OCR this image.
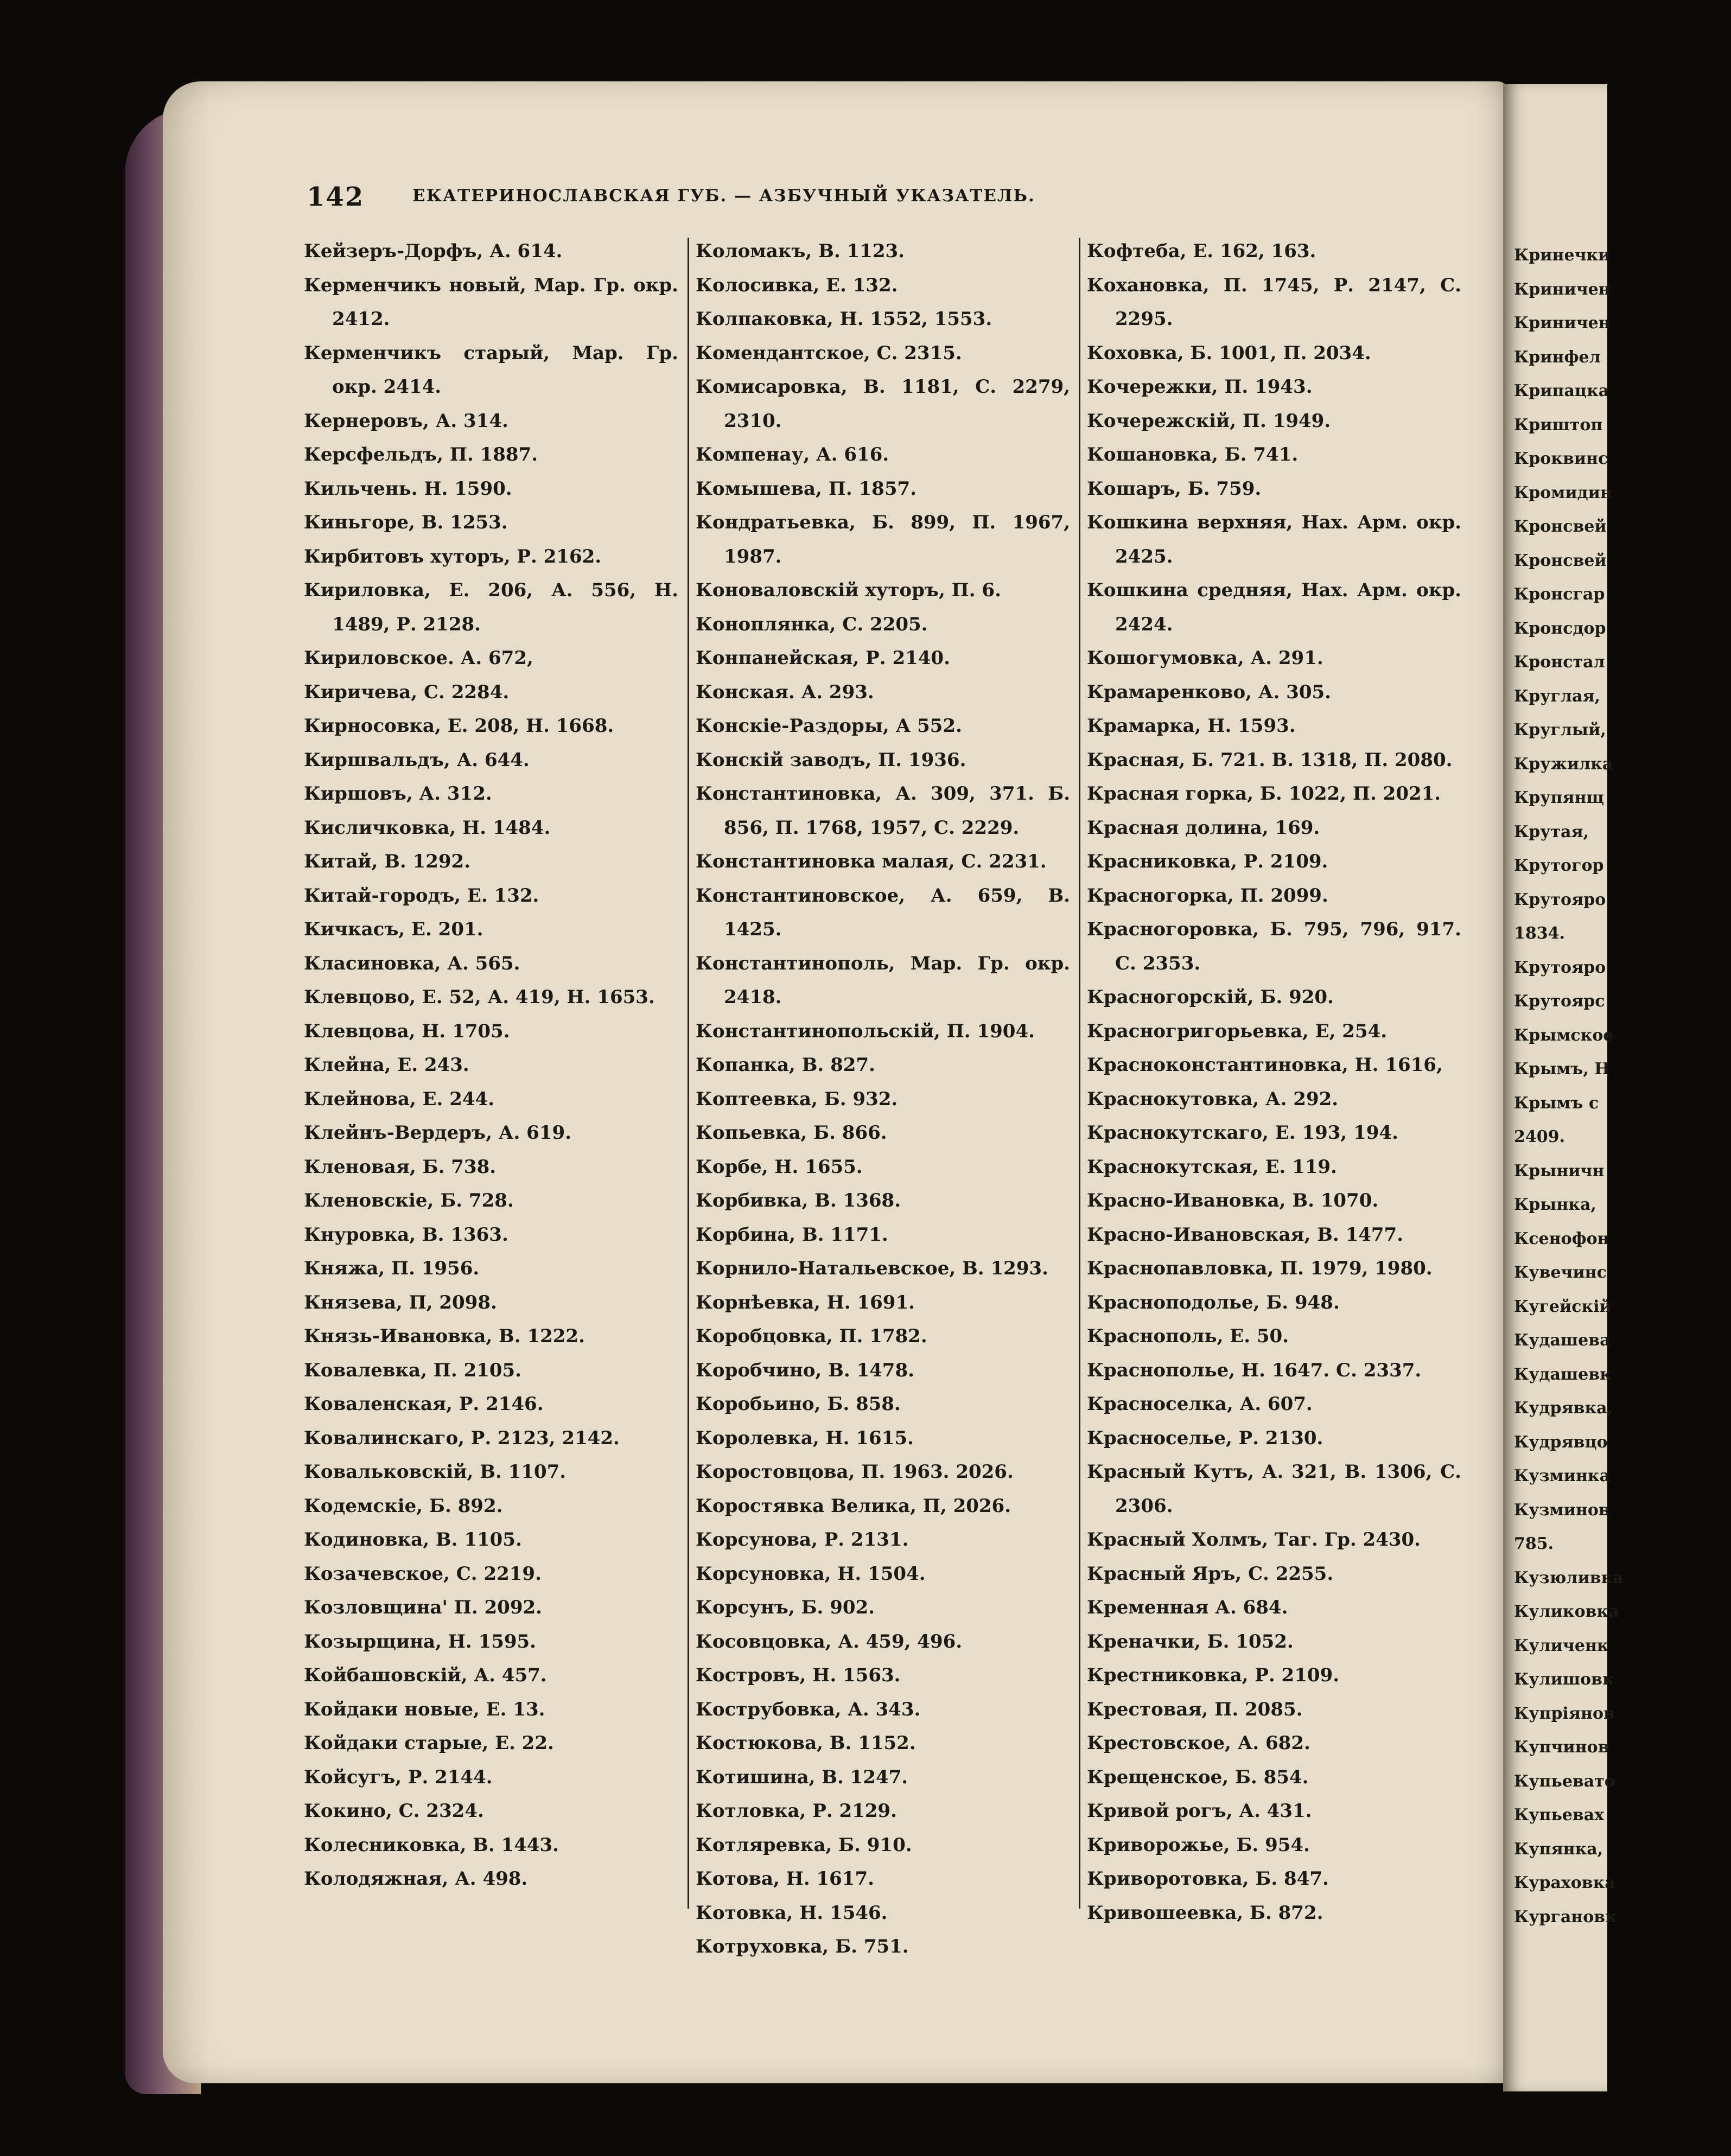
142	ЕКАТЕРИНОСЛАВСКАЯ ГУБ. — АЗБУЧНЫЙ УКАЗАТЕЛЬ.
Кейзеръ-Дорфъ, А. 614.
Керменчикъ новый, Мар. Гр. окр. 2412.
Керменчикъ старый, Мар. Гр. окр. 2414.
Кернеровъ, А. 314.
Керсфельдъ, П. 1887.
Кильчень. Н. 1590.
Киньгоре, В. 1253.
Кирбитовъ хуторъ, Р. 2162.
Кириловка, Е. 206, А. 556, Н. 1489, Р. 2128.
Кириловское. А. 672,
Киричева, С. 2284.
Кирносовка, Е. 208, Н. 1668.
Киршвальдъ, А. 644.
Киршовъ, А. 312.
Кисличковка, Н. 1484.
Китай, В. 1292.
Китай-городъ, Е. 132.
Кичкасъ, Е. 201.
Класиновка, А. 565.
Клевцово, Е. 52, А. 419, Н. 1653.
Клевцова, Н. 1705.
Клейна, Е. 243.
Клейнова, Е. 244.
Клейнъ-Вердеръ, А. 619.
Кленовая, Б. 738.
Кленовскіе, Б. 728.
Кнуровка, В. 1363.
Княжа, П. 1956.
Князева, П, 2098.
Князь-Ивановка, В. 1222.
Ковалевка, П. 2105.
Коваленская, Р. 2146.
Ковалинскаго, Р. 2123, 2142.
Ковальковскій, В. 1107.
Кодемскіе, Б. 892.
Кодиновка, В. 1105.
Козачевское, С. 2219.
Козловщина' П. 2092.
Козырщина, Н. 1595.
Койбашовскій, А. 457.
Койдаки новые, Е. 13.
Койдаки старые, Е. 22.
Койсугъ, Р. 2144.
Кокино, С. 2324.
Колесниковка, В. 1443.
Колодяжная, А. 498.
Коломакъ, В. 1123.
Колосивка, Е. 132.
Колпаковка, Н. 1552, 1553.
Комендантское, С. 2315.
Комисаровка, В. 1181, С. 2279, 2310.
Компенау, А. 616.
Комышева, П. 1857.
Кондратьевка, Б. 899, П. 1967, 1987.
Коноваловскій хуторъ, П. 6.
Коноплянка, С. 2205.
Конпанейская, Р. 2140.
Конская. А. 293.
Конскіе-Раздоры, А 552.
Конскій заводъ, П. 1936.
Константиновка, А. 309, 371. Б. 856, П. 1768, 1957, С. 2229.
Константиновка малая, С. 2231.
Константиновское, А. 659, В. 1425.
Константинополь, Мар. Гр. окр. 2418.
Константинопольскій, П. 1904.
Копанка, В. 827.
Коптеевка, Б. 932.
Копьевка, Б. 866.
Корбе, Н. 1655.
Корбивка, В. 1368.
Корбина, В. 1171.
Корнило-Натальевское, В. 1293.
Корнѣевка, Н. 1691.
Коробцовка, П. 1782.
Коробчино, В. 1478.
Коробьино, Б. 858.
Королевка, Н. 1615.
Коростовцова, П. 1963. 2026.
Коростявка Велика, П, 2026.
Корсунова, Р. 2131.
Корсуновка, Н. 1504.
Корсунъ, Б. 902.
Косовцовка, А. 459, 496.
Костровъ, Н. 1563.
Кострубовка, А. 343.
Костюкова, В. 1152.
Котишина, В. 1247.
Котловка, Р. 2129.
Котляревка, Б. 910.
Котова, Н. 1617.
Котовка, Н. 1546.
Котруховка, Б. 751.
Кофтеба, Е. 162, 163.
Кохановка, П. 1745, Р. 2147, С. 2295.
Коховка, Б. 1001, П. 2034.
Кочережки, П. 1943.
Кочережскій, П. 1949.
Кошановка, Б. 741.
Кошаръ, Б. 759.
Кошкина верхняя, Нах. Арм. окр. 2425.
Кошкина средняя, Нах. Арм. окр. 2424.
Кошогумовка, А. 291.
Крамаренково, А. 305.
Крамарка, Н. 1593.
Красная, Б. 721. В. 1318, П. 2080.
Красная горка, Б. 1022, П. 2021.
Красная долина, 169.
Красниковка, Р. 2109.
Красногорка, П. 2099.
Красногоровка, Б. 795, 796, 917. С. 2353.
Красногорскій, Б. 920.
Красногригорьевка, Е, 254.
Красноконстантиновка, Н. 1616,
Краснокутовка, А. 292.
Краснокутскаго, Е. 193, 194.
Краснокутская, Е. 119.
Красно-Ивановка, В. 1070.
Красно-Ивановская, В. 1477.
Краснопавловка, П. 1979, 1980.
Красноподолье, Б. 948.
Краснополь, Е. 50.
Краснополье, Н. 1647. С. 2337.
Красноселка, А. 607.
Красноселье, Р. 2130.
Красный Кутъ, А. 321, В. 1306, С. 2306.
Красный Холмъ, Таг. Гр. 2430.
Красный Яръ, С. 2255.
Кременная А. 684.
Креначки, Б. 1052.
Крестниковка, Р. 2109.
Крестовая, П. 2085.
Крестовское, А. 682.
Крещенское, Б. 854.
Кривой рогъ, А. 431.
Криворожье, Б. 954.
Криворотовка, Б. 847.
Кривошеевка, Б. 872.
Кринечки
Криничен
Криничен
Кринфел
Крипацка
Криштоп
Кроквинс
Кромидин
Кронсвей
Кронсвей
Кронсгар
Кронсдор
Кронстал
Круглая,
Круглый,
Кружилка
Крупянщ
Крутая,
Крутогор
Крутояро
1834.
Крутояро
Крутоярс
Крымское
Крымъ, Н
Крымъ с
2409.
Крыничн
Крынка,
Ксенофон
Кувечинс
Кугейскій
Кудашева
Кудашевк
Кудрявка,
Кудрявцо
Кузминка
Кузминов
785.
Кузюливка
Куликовка
Куличенк
Кулишовк
Купріянов
Купчинов
Купьевато
Купьевах
Купянка,
Кураховка
Кургановк
